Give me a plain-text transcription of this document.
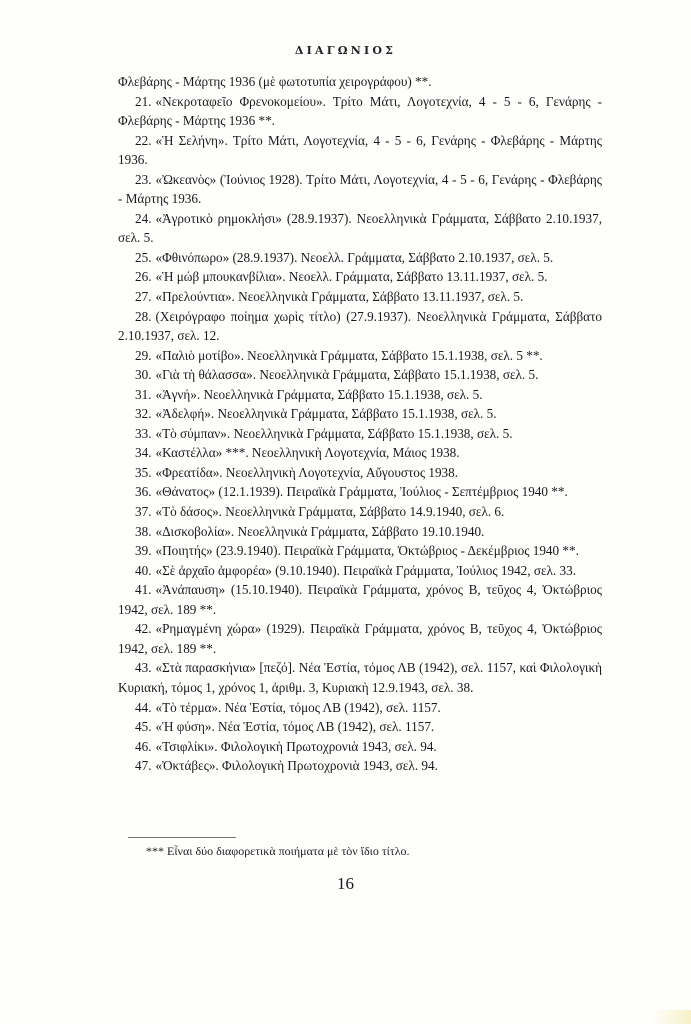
ΔΙΑΓΩΝΙΟΣ

Φλεβάρης - Μάρτης 1936 (μὲ φωτοτυπία χειρογράφου) **.

21. «Νεκροταφεῖο Φρενοκομείου». Τρίτο Μάτι, Λογοτεχνία, 4 - 5 - 6, Γενάρης - Φλεβάρης - Μάρτης 1936 **.

22. «Ἡ Σελήνη». Τρίτο Μάτι, Λογοτεχνία, 4 - 5 - 6, Γενάρης - Φλεβάρης - Μάρτης 1936.

23. «Ὠκεανὸς» (Ἰούνιος 1928). Τρίτο Μάτι, Λογοτεχνία, 4 - 5 - 6, Γενάρης - Φλεβάρης - Μάρτης 1936.

24. «Ἀγροτικὸ ρημοκλήσι» (28.9.1937). Νεοελληνικὰ Γράμματα, Σάββατο 2.10.1937, σελ. 5.

25. «Φθινόπωρο» (28.9.1937). Νεοελλ. Γράμματα, Σάββατο 2.10.1937, σελ. 5.

26. «Ἡ μώβ μπουκανβίλια». Νεοελλ. Γράμματα, Σάββατο 13.11.1937, σελ. 5.

27. «Πρελούντια». Νεοελληνικὰ Γράμματα, Σάββατο 13.11.1937, σελ. 5.

28. (Χειρόγραφο ποίημα χωρὶς τίτλο) (27.9.1937). Νεοελληνικὰ Γράμματα, Σάββατο 2.10.1937, σελ. 12.

29. «Παλιὸ μοτίβο». Νεοελληνικὰ Γράμματα, Σάββατο 15.1.1938, σελ. 5 **.

30. «Γιὰ τὴ θάλασσα». Νεοελληνικὰ Γράμματα, Σάββατο 15.1.1938, σελ. 5.

31. «Ἁγνή». Νεοελληνικὰ Γράμματα, Σάββατο 15.1.1938, σελ. 5.

32. «Ἀδελφή». Νεοελληνικὰ Γράμματα, Σάββατο 15.1.1938, σελ. 5.

33. «Τὸ σύμπαν». Νεοελληνικὰ Γράμματα, Σάββατο 15.1.1938, σελ. 5.

34. «Καστέλλα» ***. Νεοελληνικὴ Λογοτεχνία, Μάιος 1938.

35. «Φρεατίδα». Νεοελληνικὴ Λογοτεχνία, Αὔγουστος 1938.

36. «Θάνατος» (12.1.1939). Πειραϊκὰ Γράμματα, Ἰούλιος - Σεπτέμβριος 1940 **.

37. «Τὸ δάσος». Νεοελληνικὰ Γράμματα, Σάββατο 14.9.1940, σελ. 6.

38. «Δισκοβολία». Νεοελληνικὰ Γράμματα, Σάββατο 19.10.1940.

39. «Ποιητής» (23.9.1940). Πειραϊκὰ Γράμματα, Ὀκτώβριος - Δεκέμβριος 1940 **.

40. «Σὲ ἀρχαῖο ἀμφορέα» (9.10.1940). Πειραϊκὰ Γράμματα, Ἰούλιος 1942, σελ. 33.

41. «Ἀνάπαυση» (15.10.1940). Πειραϊκὰ Γράμματα, χρόνος Β, τεῦχος 4, Ὀκτώβριος 1942, σελ. 189 **.

42. «Ρημαγμένη χώρα» (1929). Πειραϊκὰ Γράμματα, χρόνος Β, τεῦχος 4, Ὀκτώβριος 1942, σελ. 189 **.

43. «Στὰ παρασκήνια» [πεζό]. Νέα Ἑστία, τόμος ΛΒ (1942), σελ. 1157, καὶ Φιλολογικὴ Κυριακή, τόμος 1, χρόνος 1, ἀριθμ. 3, Κυριακὴ 12.9.1943, σελ. 38.

44. «Τὸ τέρμα». Νέα Ἑστία, τόμος ΛΒ (1942), σελ. 1157.

45. «Ἡ φύση». Νέα Ἑστία, τόμος ΛΒ (1942), σελ. 1157.

46. «Τσιφλίκι». Φιλολογικὴ Πρωτοχρονιὰ 1943, σελ. 94.

47. «Ὀκτάβες». Φιλολογικὴ Πρωτοχρονιὰ 1943, σελ. 94.

*** Εἶναι δύο διαφορετικὰ ποιήματα μὲ τὸν ἴδιο τίτλο.
16
